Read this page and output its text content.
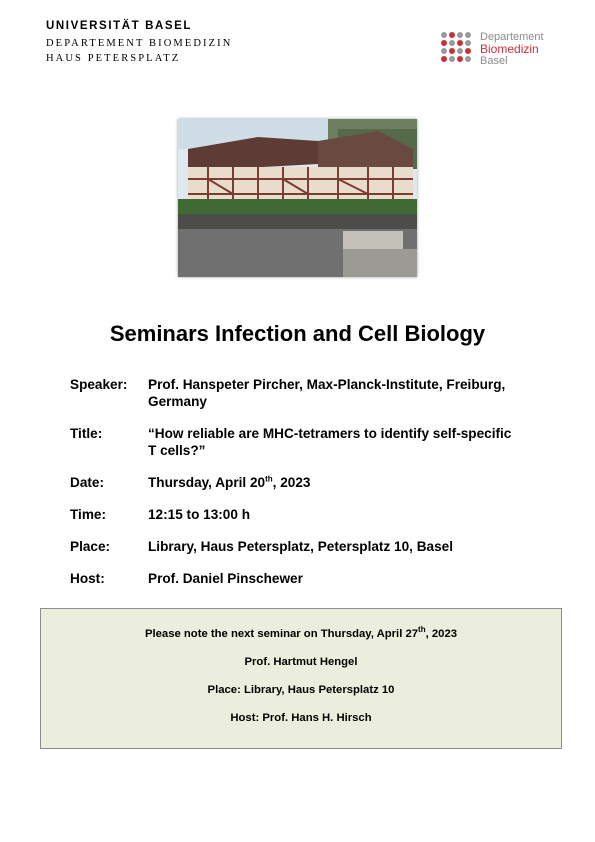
UNIVERSITÄT BASEL
DEPARTEMENT BIOMEDIZIN
HAUS PETERSPLATZ
Departement
Biomedizin
Basel
Seminars Infection and Cell Biology
Speaker:	Prof. Hanspeter Pircher, Max-Planck-Institute, Freiburg,
Germany
Title:	“How reliable are MHC-tetramers to identify self-specific
T cells?”
Date:	Thursday, April 20th, 2023
Time:	12:15 to 13:00 h
Place:	Library, Haus Petersplatz, Petersplatz 10, Basel
Host:	Prof. Daniel Pinschewer

Please note the next seminar on Thursday, April 27th, 2023

Prof. Hartmut Hengel

Place: Library, Haus Petersplatz 10

Host: Prof. Hans H. Hirsch
